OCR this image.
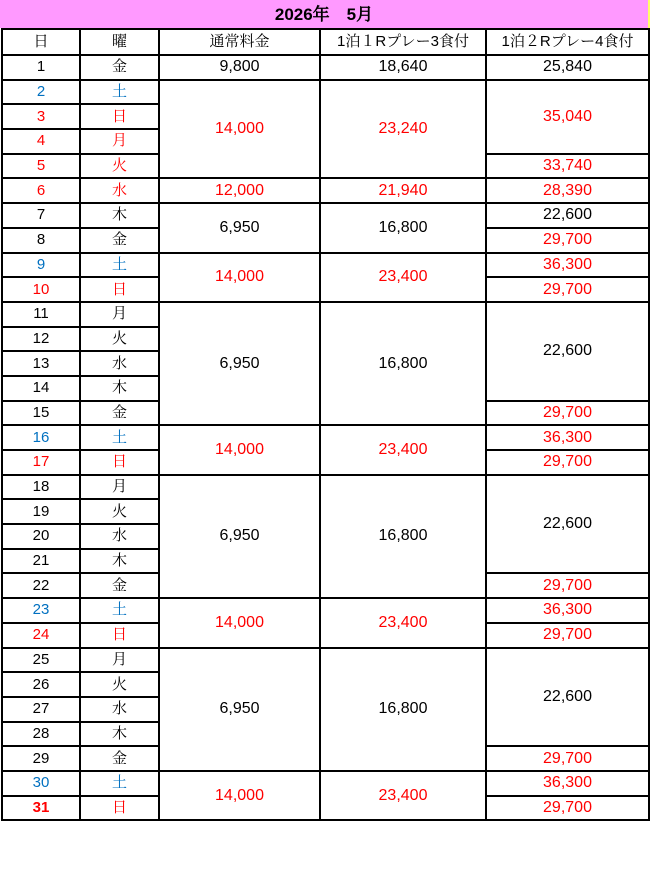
2026年　5月
日	曜	通常料金	1泊１Rプレー3食付	1泊２Rプレー4食付
1	金	9,800	18,640	25,840
2	土	14,000	23,240	35,040
3	日			
4	月			
5	火			33,740
6	水	12,000	21,940	28,390
7	木	6,950	16,800	22,600
8	金			29,700
9	土	14,000	23,400	36,300
10	日			29,700
11	月	6,950	16,800	22,600
12	火			
13	水			
14	木			
15	金			29,700
16	土	14,000	23,400	36,300
17	日			29,700
18	月	6,950	16,800	22,600
19	火			
20	水			
21	木			
22	金			29,700
23	土	14,000	23,400	36,300
24	日			29,700
25	月	6,950	16,800	22,600
26	火			
27	水			
28	木			
29	金			29,700
30	土	14,000	23,400	36,300
31	日			29,700
